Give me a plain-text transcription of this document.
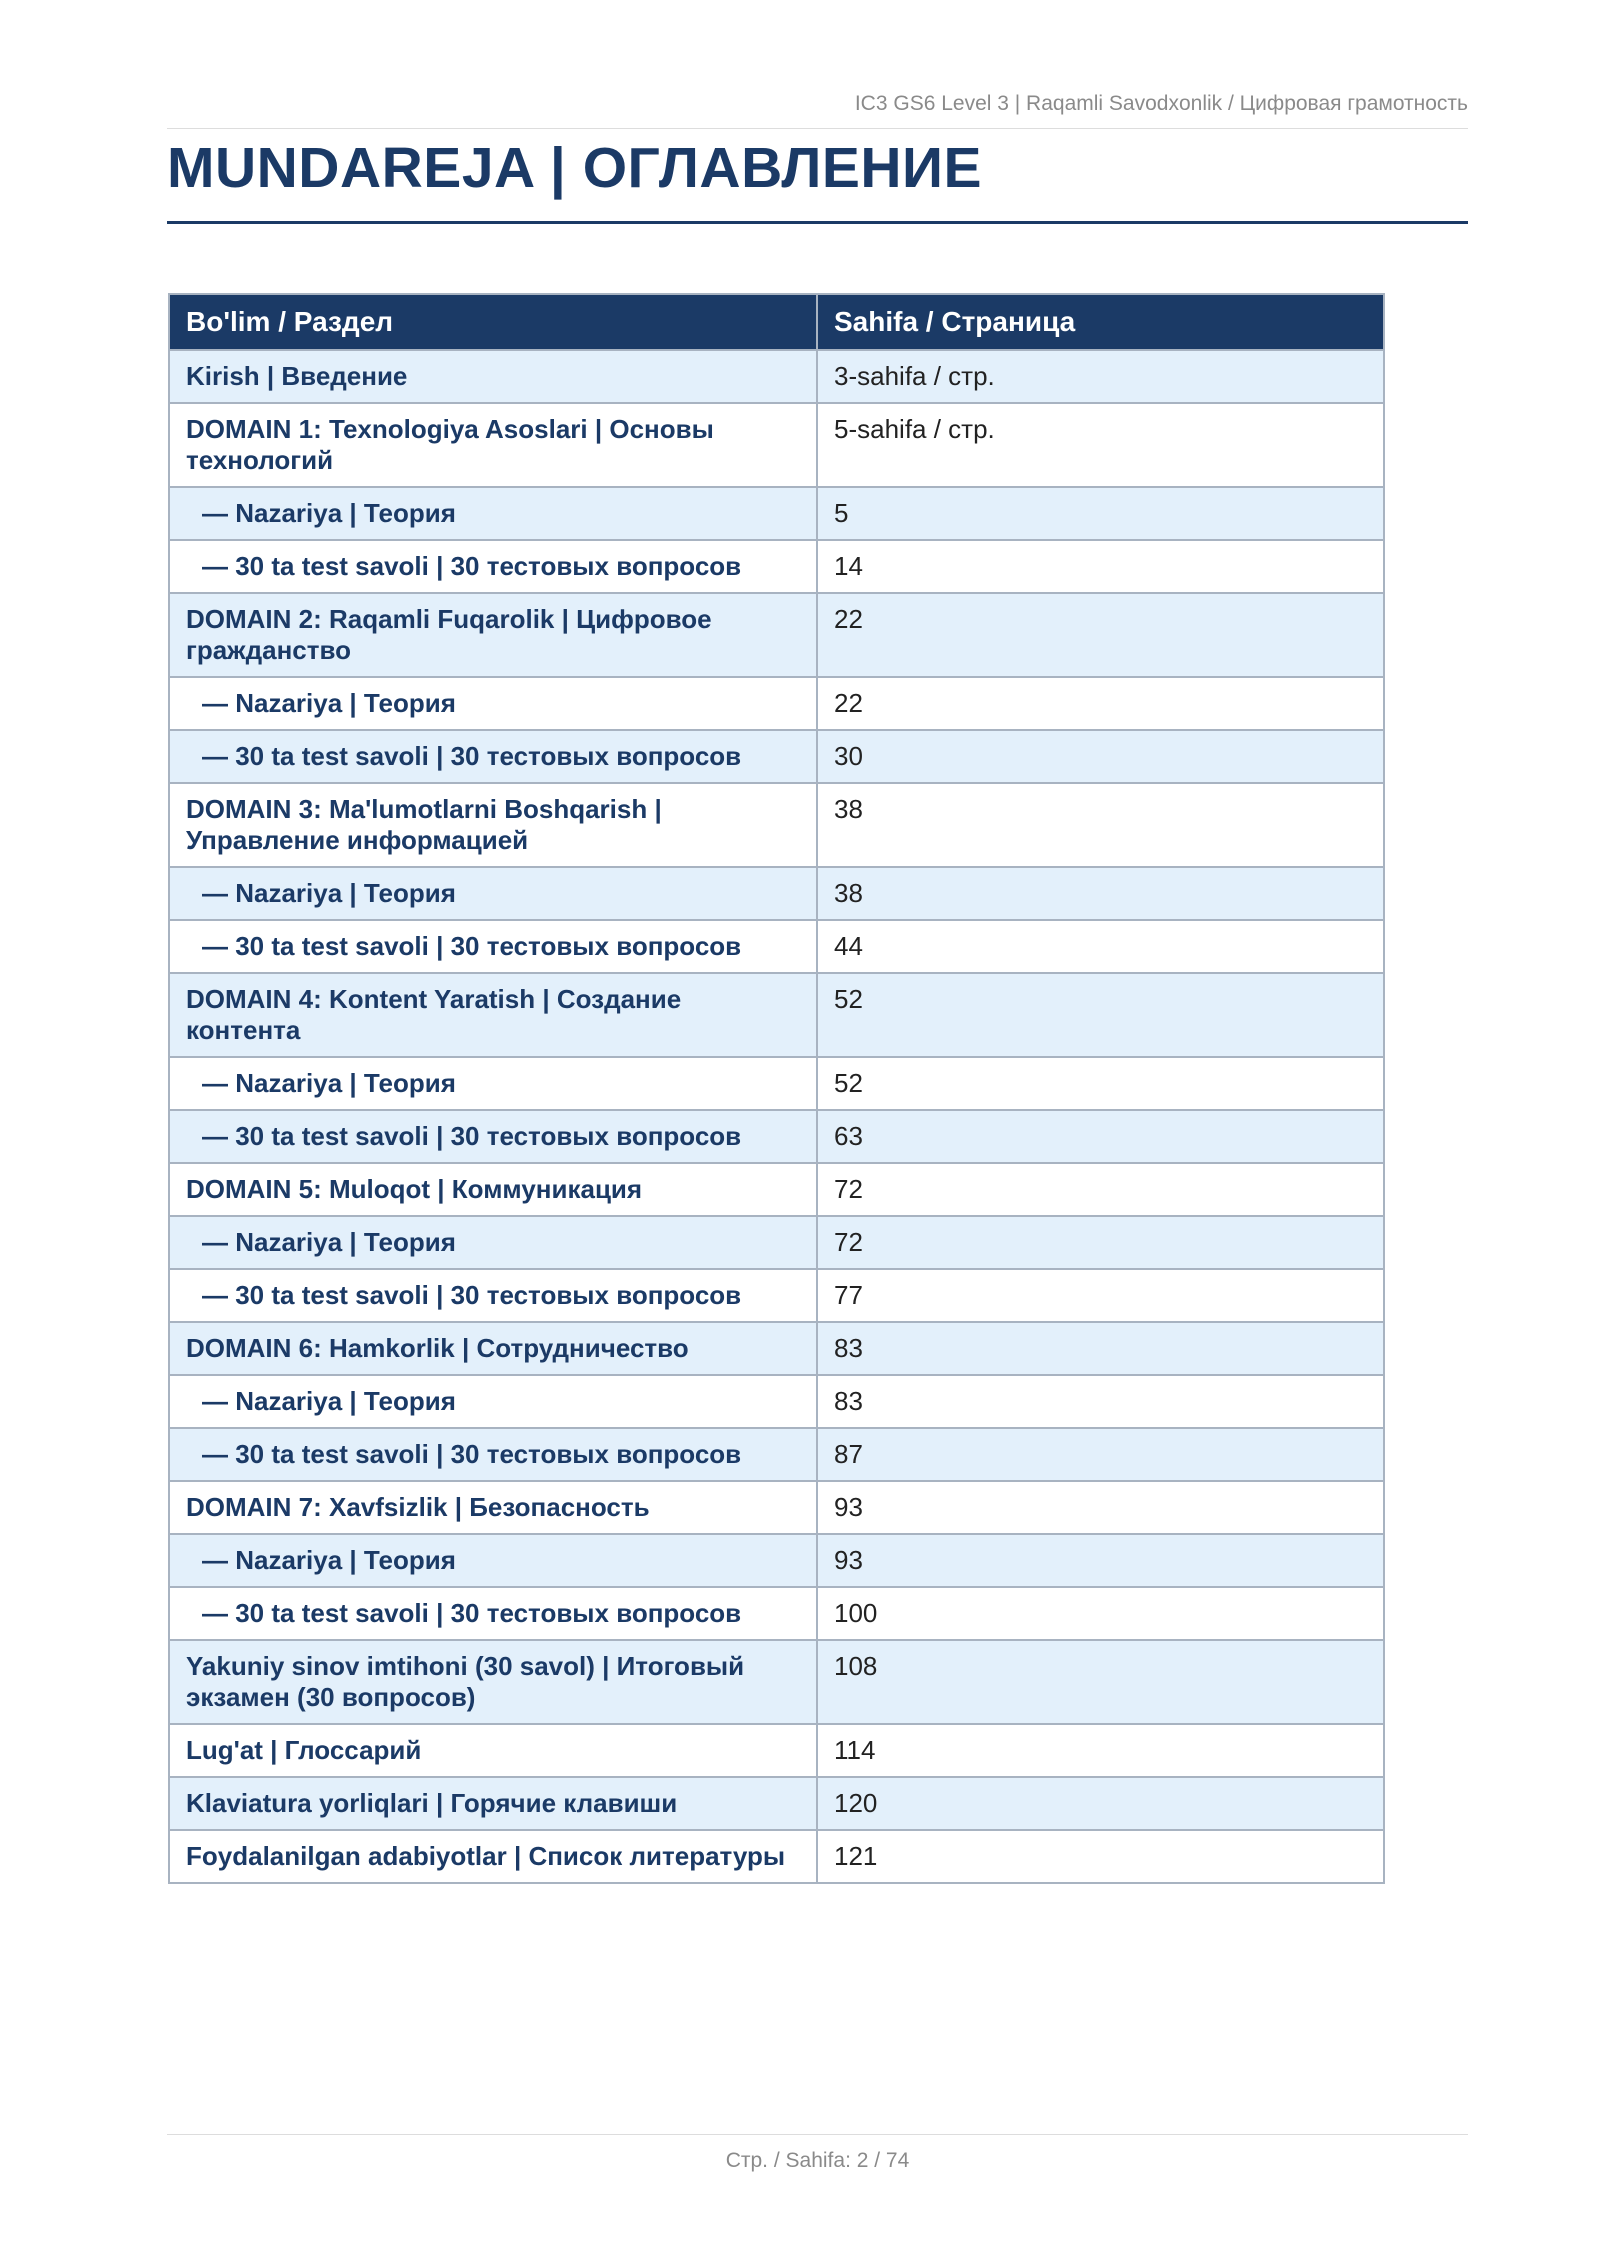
IC3 GS6 Level 3 | Raqamli Savodxonlik / Цифровая грамотность
MUNDAREJA | ОГЛАВЛЕНИЕ
Bo'lim / Раздел	Sahifa / Страница
Kirish | Введение	3-sahifa / стр.
DOMAIN 1: Texnologiya Asoslari | Основы технологий	5-sahifa / стр.
— Nazariya | Теория	5
— 30 ta test savoli | 30 тестовых вопросов	14
DOMAIN 2: Raqamli Fuqarolik | Цифровое гражданство	22
— Nazariya | Теория	22
— 30 ta test savoli | 30 тестовых вопросов	30
DOMAIN 3: Ma'lumotlarni Boshqarish | Управление информацией	38
— Nazariya | Теория	38
— 30 ta test savoli | 30 тестовых вопросов	44
DOMAIN 4: Kontent Yaratish | Создание контента	52
— Nazariya | Теория	52
— 30 ta test savoli | 30 тестовых вопросов	63
DOMAIN 5: Muloqot | Коммуникация	72
— Nazariya | Теория	72
— 30 ta test savoli | 30 тестовых вопросов	77
DOMAIN 6: Hamkorlik | Сотрудничество	83
— Nazariya | Теория	83
— 30 ta test savoli | 30 тестовых вопросов	87
DOMAIN 7: Xavfsizlik | Безопасность	93
— Nazariya | Теория	93
— 30 ta test savoli | 30 тестовых вопросов	100
Yakuniy sinov imtihoni (30 savol) | Итоговый экзамен (30 вопросов)	108
Lug'at | Глоссарий	114
Klaviatura yorliqlari | Горячие клавиши	120
Foydalanilgan adabiyotlar | Список литературы	121
Стр. / Sahifa: 2 / 74
